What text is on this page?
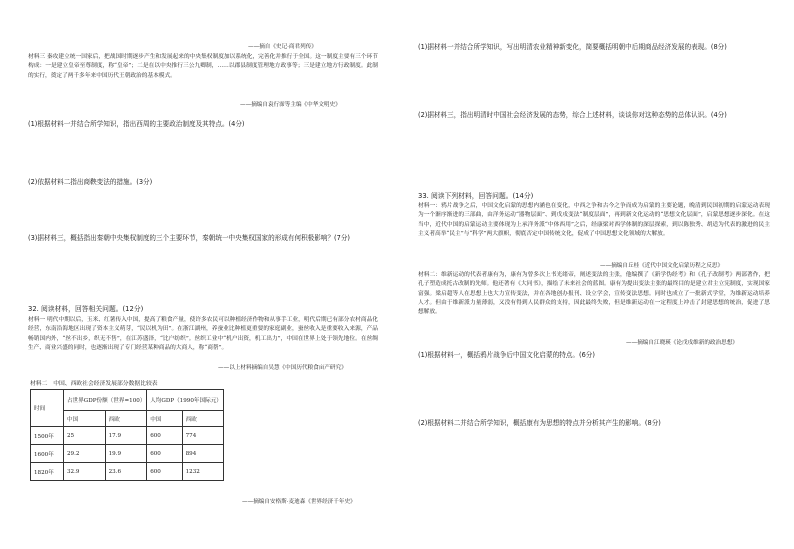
——摘自《史记·商君列传》
材料三 秦攻建立统一国家后，把战国时期逐步产生和发展起来的中央集权制度加以系统化，完善化并推行于全国。这一制度主要有三个环节构成：一是建立皇帝至尊制度，称“皇帝”；二是在以中央推行三公九卿制，……以郡县制度管理地方政事等；三是建立地方行政制度。此制的实行，奠定了两千多年来中国历代王朝政治的基本模式。
——摘编自袁行霈等主编《中华文明史》
(1)根据材料一并结合所学知识，指出西周的主要政治制度及其特点。(4分)
(2)依据材料二指出商鞅变法的措施。(3分)
(3)据材料三，概括指出秦朝中央集权制度的三个主要环节，秦朝统一中央集权国家的形成有何积极影响？(7分)
32. 阅读材料，回答相关问题。(12分)
材料一 明代中期以后，玉米、红薯传入中国，提高了粮食产量，使许多农民可以种植经济作物和从事手工业，明代后期已有部分农村商品化经营，东南沿海地区出现了资本主义萌芽，“民以机为田”。在浙江湖州，养蚕业比种植更重要的家庭副业，蚕丝收入是重要收入来源，产品畅销国内外，“丝不出乡，织无不售”，在江苏盛泽，“比户纺织”。丝织工业中“机户出资，机工出力”，中国在世界上处于领先地位。在丝绸生产、商业兴盛的同时，也逐渐出现了专门经营某种商品的大商人，称“商帮”。
——以上材料摘编自吴慧《中国历代粮食亩产研究》
材料二　中国、西欧社会经济发展部分数据比较表
时间	占世界GDP份额（世界=100）		人均GDP（1990年国际元）	
	中国	西欧	中国	西欧
1500年	25	17.9	600	774
1600年	29.2	19.9	600	894
1820年	32.9	23.6	600	1232
——摘编自安格斯·麦迪森《世界经济千年史》
(1)据材料一并结合所学知识，写出明清农业精神新变化，简要概括明朝中后期商品经济发展的表现。(8分)
(2)据材料三，指出明清时中国社会经济发展的态势，综合上述材料，谈谈你对这种态势的总体认识。(4分)
33. 阅读下列材料，回答问题。(14分)
材料一：鸦片战争之后，中国文化启蒙的思想内涵也在变化，中西之争和古今之争而成为启蒙的主要论题，晚清到民国初期的启蒙运动表现为一个渐序渐进的三部曲，由洋务运动“器物层面”、到戊戌变法“制度层面”，再到新文化运动的“思想文化层面”，启蒙思想逐步深化。在这当中，近代中国的启蒙运动主要体现为上承洋务派“中体西用”之后，经康梁对西学体制的深层探索，到以陈独秀、胡适为代表的激进的民主主义者高举“民主”与“科学”两大旗帜，彻底否定中国传统文化，促成了中国思想文化领域的大解放。
——摘编自丘桂《近代中国文化启蒙历程之反思》
材料二：维新运动的代表者康有为，康有为曾多次上书光绪帝，阐述变法的主张，他编撰了《新学伪经考》和《孔子改制考》两部著作，把孔子塑造成托古改制的先师。他还著有《大同书》，描绘了未来社会的蓝图。康有为提出变法主张的最终目的是建立君主立宪制度，实现国家富强。梁启超等人在思想上也大力宣传变法，并在各地创办报刊、设立学会，宣传变法思想。同时也成立了一批新式学堂，为维新运动培养人才。但由于维新派力量薄弱，又没有得到人民群众的支持，因此最终失败，但是维新运动在一定程度上冲击了封建思想的统治，促进了思想解放。
——摘编自江晓瑛《论戊戌维新的政治思想》
(1)根据材料一，概括鸦片战争后中国文化启蒙的特点。(6分)
(2)根据材料二并结合所学知识，概括康有为思想的特点并分析其产生的影响。(8分)
